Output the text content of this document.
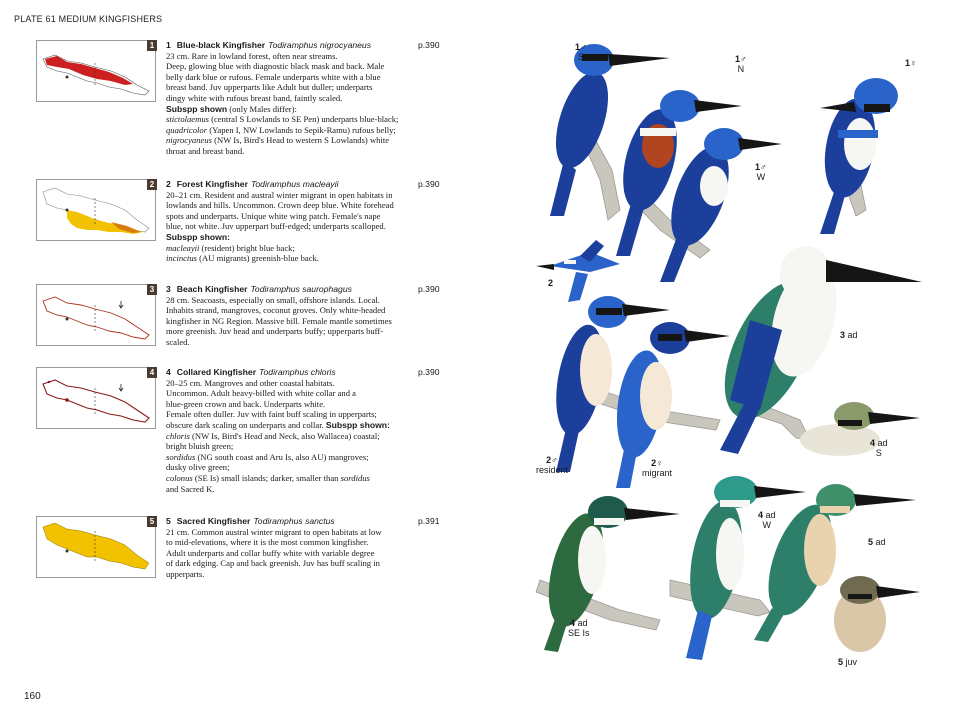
PLATE 61 MEDIUM KINGFISHERS
1	1 Blue-black Kingfisher Todiramphus nigrocyaneus
23 cm. Rare in lowland forest, often near streams.
Deep, glowing blue with diagnostic black mask and back. Male
belly dark blue or rufous. Female underparts white with a blue
breast band. Juv upperparts like Adult but duller; underparts
dingy white with rufous breast band, faintly scaled.
Subspp shown (only Males differ):
stictolaemus (central S Lowlands to SE Pen) underparts blue-black;
quadricolor (Yapen I, NW Lowlands to Sepik-Ramu) rufous belly;
nigrocyaneus (NW Is, Bird's Head to western S Lowlands) white
throat and breast band.
p.390
2	2 Forest Kingfisher Todiramphus macleayii
20–21 cm. Resident and austral winter migrant in open habitats in
lowlands and hills. Uncommon. Crown deep blue. White forehead
spots and underparts. Unique white wing patch. Female's nape
blue, not white. Juv upperpart buff-edged; underparts scalloped.
Subspp shown:
macleayii (resident) bright blue back;
incinctus (AU migrants) greenish-blue back.
p.390
3	3 Beach Kingfisher Todiramphus saurophagus
28 cm. Seacoasts, especially on small, offshore islands. Local.
Inhabits strand, mangroves, coconut groves. Only white-headed
kingfisher in NG Region. Massive bill. Female mantle sometimes
more greenish. Juv head and underparts buffy; upperparts buff-
scaled.
p.390
4	4 Collared Kingfisher Todiramphus chloris
20–25 cm. Mangroves and other coastal habitats.
Uncommon. Adult heavy-billed with white collar and a
blue-green crown and back. Underparts white.
Female often duller. Juv with faint buff scaling in upperparts;
obscure dark scaling on underparts and collar. Subspp shown:
chloris (NW Is, Bird's Head and Neck, also Wallacea) coastal;
bright bluish green;
sordidus (NG south coast and Aru Is, also AU) mangroves;
dusky olive green;
colonus (SE Is) small islands; darker, smaller than sordidus
and Sacred K.
p.390
5	5 Sacred Kingfisher Todiramphus sanctus
21 cm. Common austral winter migrant to open habitats at low
to mid-elevations, where it is the most common kingfisher.
Adult underparts and collar buffy white with variable degree
of dark edging. Cap and back greenish. Juv has buff scaling in
upperparts.
p.391
160
1♂
S	1♂
N
1♀
1♂
W
2
3 ad
2♂
resident
2♀
migrant
4 ad
S
4 ad
W
5 ad
4 ad
SE Is
5 juv
